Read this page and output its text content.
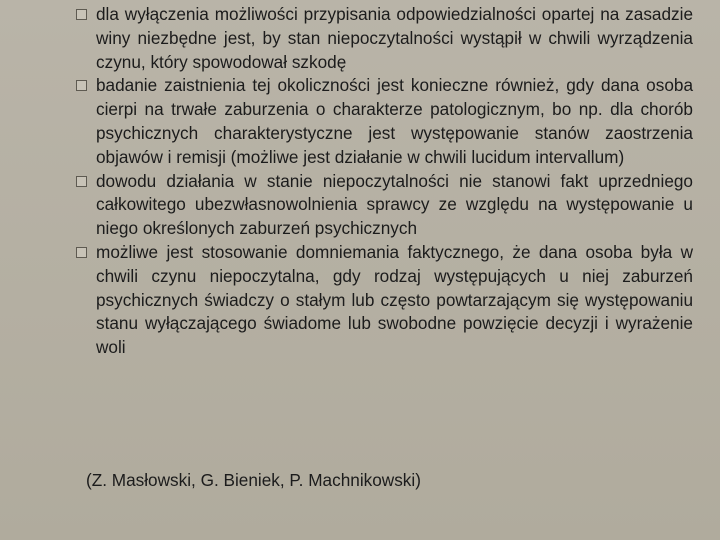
dla wyłączenia możliwości przypisania odpowiedzialności opartej na zasadzie winy niezbędne jest, by stan niepoczytalności wystąpił w chwili wyrządzenia czynu, który spowodował szkodę
badanie zaistnienia tej okoliczności jest konieczne również, gdy dana osoba cierpi na trwałe zaburzenia o charakterze patologicznym, bo np. dla chorób psychicznych charakterystyczne jest występowanie stanów zaostrzenia objawów i remisji (możliwe jest działanie w chwili lucidum intervallum)
dowodu działania w stanie niepoczytalności nie stanowi fakt uprzedniego całkowitego ubezwłasnowolnienia sprawcy ze względu na występowanie u niego określonych zaburzeń psychicznych
możliwe jest stosowanie domniemania faktycznego, że dana osoba była w chwili czynu niepoczytalna, gdy rodzaj występujących u niej zaburzeń psychicznych świadczy o stałym lub często powtarzającym się występowaniu stanu wyłączającego świadome lub swobodne powzięcie decyzji i wyrażenie woli
(Z. Masłowski, G. Bieniek, P. Machnikowski)
